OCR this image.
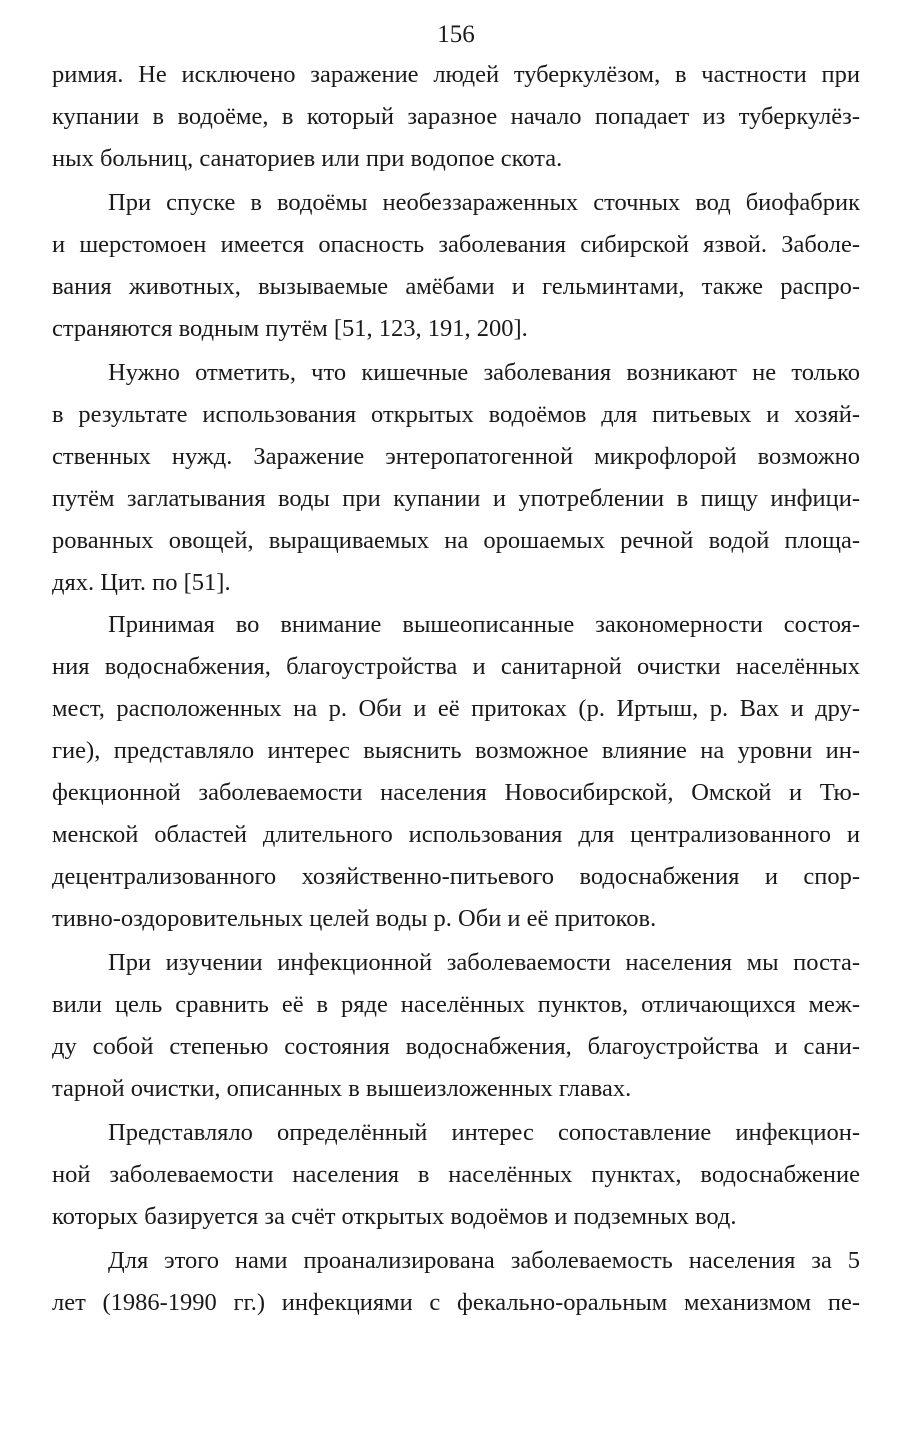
156
римия. Не исключено заражение людей туберкулёзом, в частности при
купании в водоёме, в который заразное начало попадает из туберкулёз-
ных больниц, санаториев или при водопое скота.
При спуске в водоёмы необеззараженных сточных вод биофабрик
и шерстомоен имеется опасность заболевания сибирской язвой. Заболе-
вания животных, вызываемые амёбами и гельминтами, также распро-
страняются водным путём [51, 123, 191, 200].
Нужно отметить, что кишечные заболевания возникают не только
в результате использования открытых водоёмов для питьевых и хозяй-
ственных нужд. Заражение энтеропатогенной микрофлорой возможно
путём заглатывания воды при купании и употреблении в пищу инфици-
рованных овощей, выращиваемых на орошаемых речной водой площа-
дях. Цит. по [51].
Принимая во внимание вышеописанные закономерности состоя-
ния водоснабжения, благоустройства и санитарной очистки населённых
мест, расположенных на р. Оби и её притоках (р. Иртыш, р. Вах и дру-
гие), представляло интерес выяснить возможное влияние на уровни ин-
фекционной заболеваемости населения Новосибирской, Омской и Тю-
менской областей длительного использования для централизованного и
децентрализованного хозяйственно-питьевого водоснабжения и спор-
тивно-оздоровительных целей воды р. Оби и её притоков.
При изучении инфекционной заболеваемости населения мы поста-
вили цель сравнить её в ряде населённых пунктов, отличающихся меж-
ду собой степенью состояния водоснабжения, благоустройства и сани-
тарной очистки, описанных в вышеизложенных главах.
Представляло определённый интерес сопоставление инфекцион-
ной заболеваемости населения в населённых пунктах, водоснабжение
которых базируется за счёт открытых водоёмов и подземных вод.
Для этого нами проанализирована заболеваемость населения за 5
лет (1986-1990 гг.) инфекциями с фекально-оральным механизмом пе-
